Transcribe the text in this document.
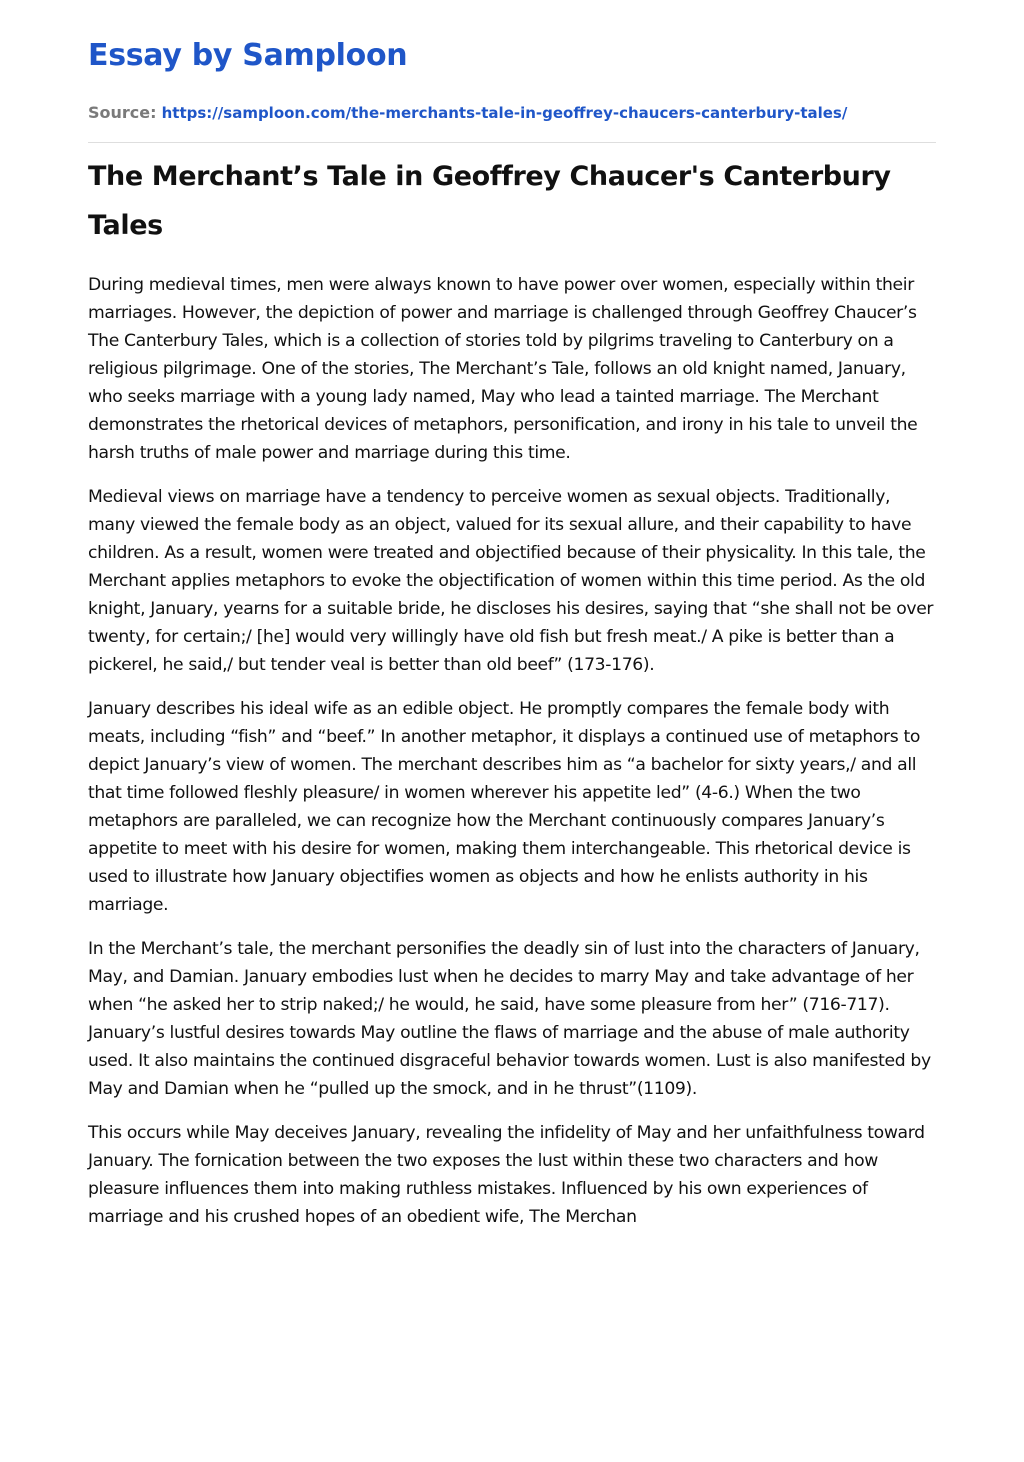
Essay by Samploon
Source: https://samploon.com/the-merchants-tale-in-geoffrey-chaucers-canterbury-tales/
The Merchant’s Tale in Geoffrey Chaucer's Canterbury Tales

During medieval times, men were always known to have power over women, especially within their marriages. However, the depiction of power and marriage is challenged through Geoffrey Chaucer’s The Canterbury Tales, which is a collection of stories told by pilgrims traveling to Canterbury on a religious pilgrimage. One of the stories, The Merchant’s Tale, follows an old knight named, January, who seeks marriage with a young lady named, May who lead a tainted marriage. The Merchant demonstrates the rhetorical devices of metaphors, personification, and irony in his tale to unveil the harsh truths of male power and marriage during this time.

Medieval views on marriage have a tendency to perceive women as sexual objects. Traditionally, many viewed the female body as an object, valued for its sexual allure, and their capability to have children. As a result, women were treated and objectified because of their physicality. In this tale, the Merchant applies metaphors to evoke the objectification of women within this time period. As the old knight, January, yearns for a suitable bride, he discloses his desires, saying that “she shall not be over twenty, for certain;/ [he] would very willingly have old fish but fresh meat./ A pike is better than a pickerel, he said,/ but tender veal is better than old beef” (173-176).

January describes his ideal wife as an edible object. He promptly compares the female body with meats, including “fish” and “beef.” In another metaphor, it displays a continued use of metaphors to depict January’s view of women. The merchant describes him as “a bachelor for sixty years,/ and all that time followed fleshly pleasure/ in women wherever his appetite led” (4-6.) When the two metaphors are paralleled, we can recognize how the Merchant continuously compares January’s appetite to meet with his desire for women, making them interchangeable. This rhetorical device is used to illustrate how January objectifies women as objects and how he enlists authority in his marriage.

In the Merchant’s tale, the merchant personifies the deadly sin of lust into the characters of January, May, and Damian. January embodies lust when he decides to marry May and take advantage of her when “he asked her to strip naked;/ he would, he said, have some pleasure from her” (716-717). January’s lustful desires towards May outline the flaws of marriage and the abuse of male authority used. It also maintains the continued disgraceful behavior towards women. Lust is also manifested by May and Damian when he “pulled up the smock, and in he thrust”(1109).

This occurs while May deceives January, revealing the infidelity of May and her unfaithfulness toward January. The fornication between the two exposes the lust within these two characters and how pleasure influences them into making ruthless mistakes. Influenced by his own experiences of marriage and his crushed hopes of an obedient wife, The Merchan
